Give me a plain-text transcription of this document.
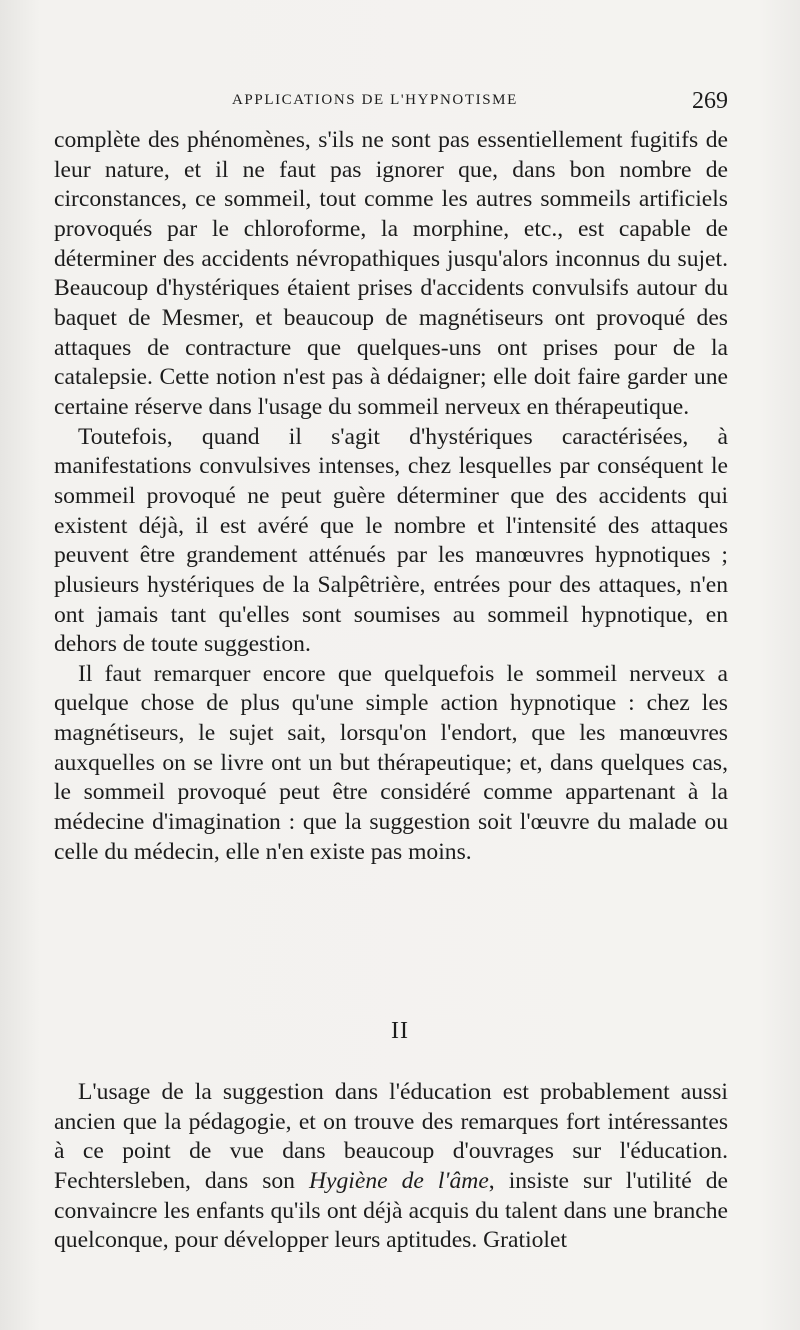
APPLICATIONS DE L'HYPNOTISME	269

complète des phénomènes, s'ils ne sont pas essentiellement fugitifs de leur nature, et il ne faut pas ignorer que, dans bon nombre de circonstances, ce sommeil, tout comme les autres sommeils artificiels provoqués par le chloroforme, la morphine, etc., est capable de déterminer des accidents névropathiques jusqu'alors inconnus du sujet. Beaucoup d'hystériques étaient prises d'accidents convulsifs autour du baquet de Mesmer, et beaucoup de magnétiseurs ont provoqué des attaques de contracture que quelques-uns ont prises pour de la catalepsie. Cette notion n'est pas à dédaigner; elle doit faire garder une certaine réserve dans l'usage du sommeil nerveux en thérapeutique.

Toutefois, quand il s'agit d'hystériques caractérisées, à manifestations convulsives intenses, chez lesquelles par conséquent le sommeil provoqué ne peut guère déterminer que des accidents qui existent déjà, il est avéré que le nombre et l'intensité des attaques peuvent être grandement atténués par les manœuvres hypnotiques ; plusieurs hystériques de la Salpêtrière, entrées pour des attaques, n'en ont jamais tant qu'elles sont soumises au sommeil hypnotique, en dehors de toute suggestion.

Il faut remarquer encore que quelquefois le sommeil nerveux a quelque chose de plus qu'une simple action hypnotique : chez les magnétiseurs, le sujet sait, lorsqu'on l'endort, que les manœuvres auxquelles on se livre ont un but thérapeutique; et, dans quelques cas, le sommeil provoqué peut être considéré comme appartenant à la médecine d'imagination : que la suggestion soit l'œuvre du malade ou celle du médecin, elle n'en existe pas moins.

II

L'usage de la suggestion dans l'éducation est probablement aussi ancien que la pédagogie, et on trouve des remarques fort intéressantes à ce point de vue dans beaucoup d'ouvrages sur l'éducation. Fechtersleben, dans son Hygiène de l'âme, insiste sur l'utilité de convaincre les enfants qu'ils ont déjà acquis du talent dans une branche quelconque, pour développer leurs aptitudes. Gratiolet
